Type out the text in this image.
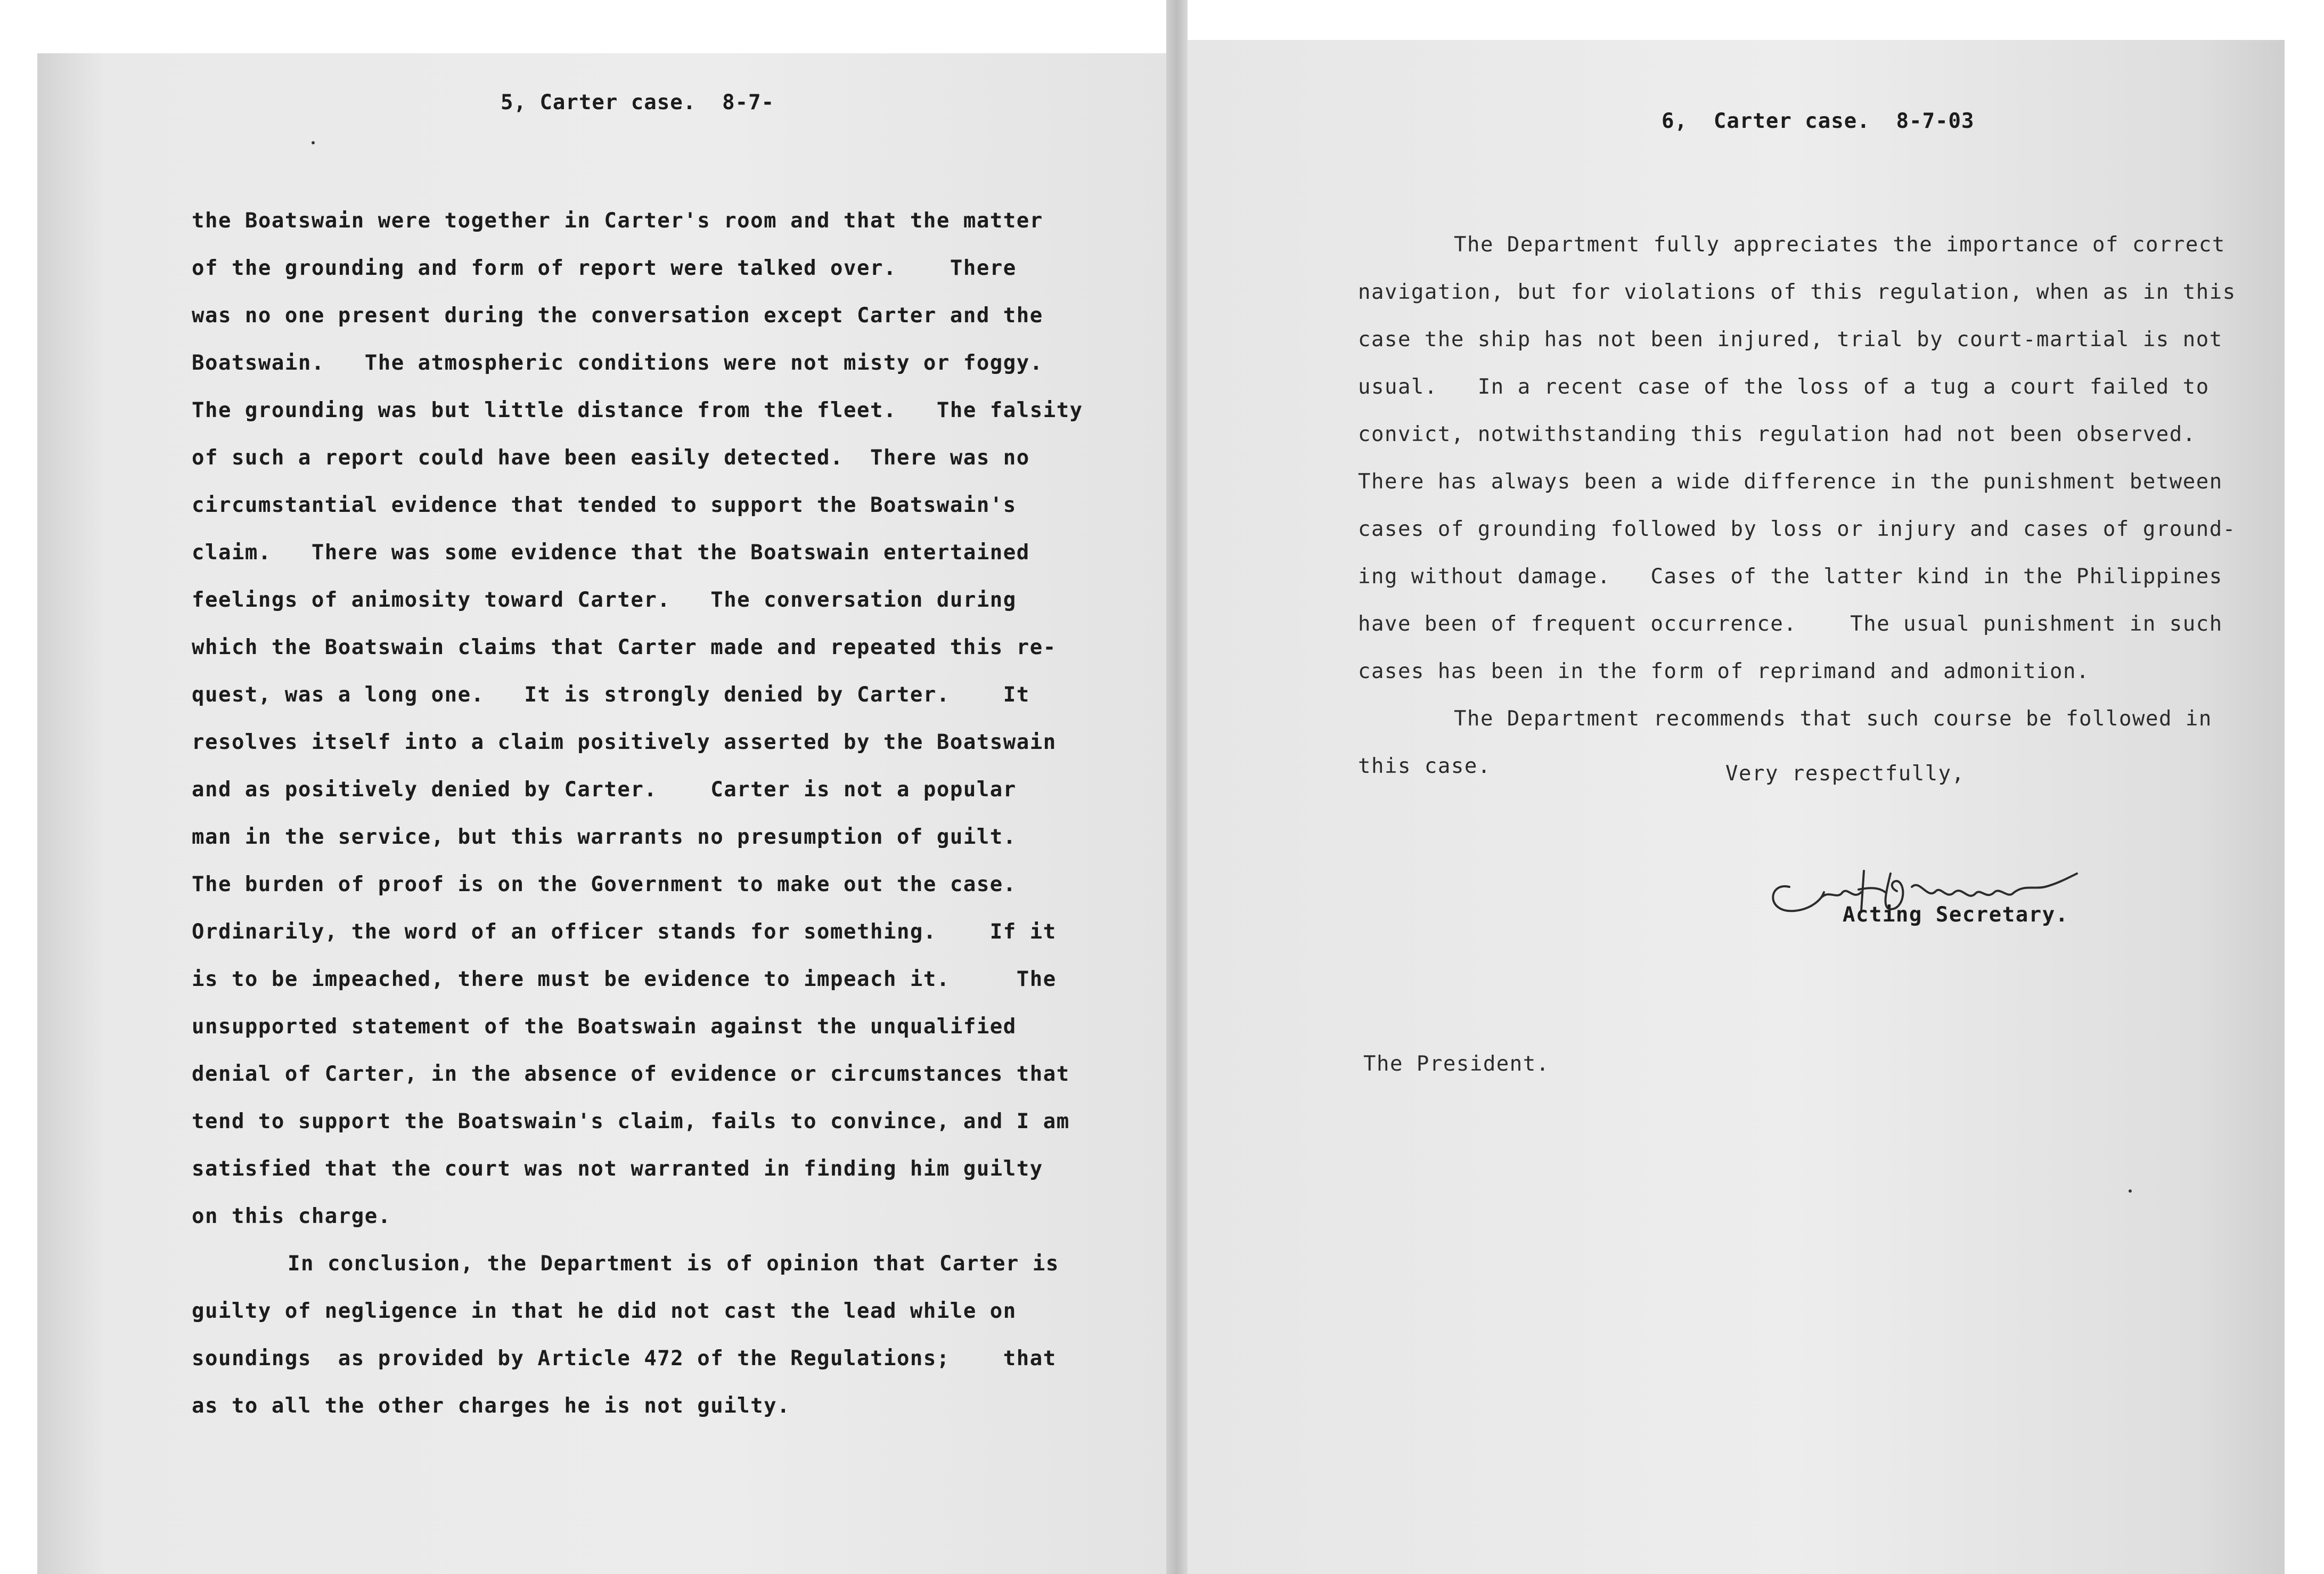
5, Carter case.  8-7-

the Boatswain were together in Carter's room and that the matter
of the grounding and form of report were talked over.    There
was no one present during the conversation except Carter and the
Boatswain.   The atmospheric conditions were not misty or foggy.
The grounding was but little distance from the fleet.   The falsity
of such a report could have been easily detected.  There was no
circumstantial evidence that tended to support the Boatswain's
claim.   There was some evidence that the Boatswain entertained
feelings of animosity toward Carter.   The conversation during
which the Boatswain claims that Carter made and repeated this re-
quest, was a long one.   It is strongly denied by Carter.    It
resolves itself into a claim positively asserted by the Boatswain
and as positively denied by Carter.    Carter is not a popular
man in the service, but this warrants no presumption of guilt.
The burden of proof is on the Government to make out the case.
Ordinarily, the word of an officer stands for something.    If it
is to be impeached, there must be evidence to impeach it.     The
unsupported statement of the Boatswain against the unqualified
denial of Carter, in the absence of evidence or circumstances that
tend to support the Boatswain's claim, fails to convince, and I am
satisfied that the court was not warranted in finding him guilty
on this charge.
In conclusion, the Department is of opinion that Carter is
guilty of negligence in that he did not cast the lead while on
soundings  as provided by Article 472 of the Regulations;    that
as to all the other charges he is not guilty.

6,  Carter case.  8-7-03

The Department fully appreciates the importance of correct
navigation, but for violations of this regulation, when as in this
case the ship has not been injured, trial by court-martial is not
usual.   In a recent case of the loss of a tug a court failed to
convict, notwithstanding this regulation had not been observed.
There has always been a wide difference in the punishment between
cases of grounding followed by loss or injury and cases of ground-
ing without damage.   Cases of the latter kind in the Philippines
have been of frequent occurrence.    The usual punishment in such
cases has been in the form of reprimand and admonition.
The Department recommends that such course be followed in
this case.	Very respectfully,

Acting Secretary.

The President.
